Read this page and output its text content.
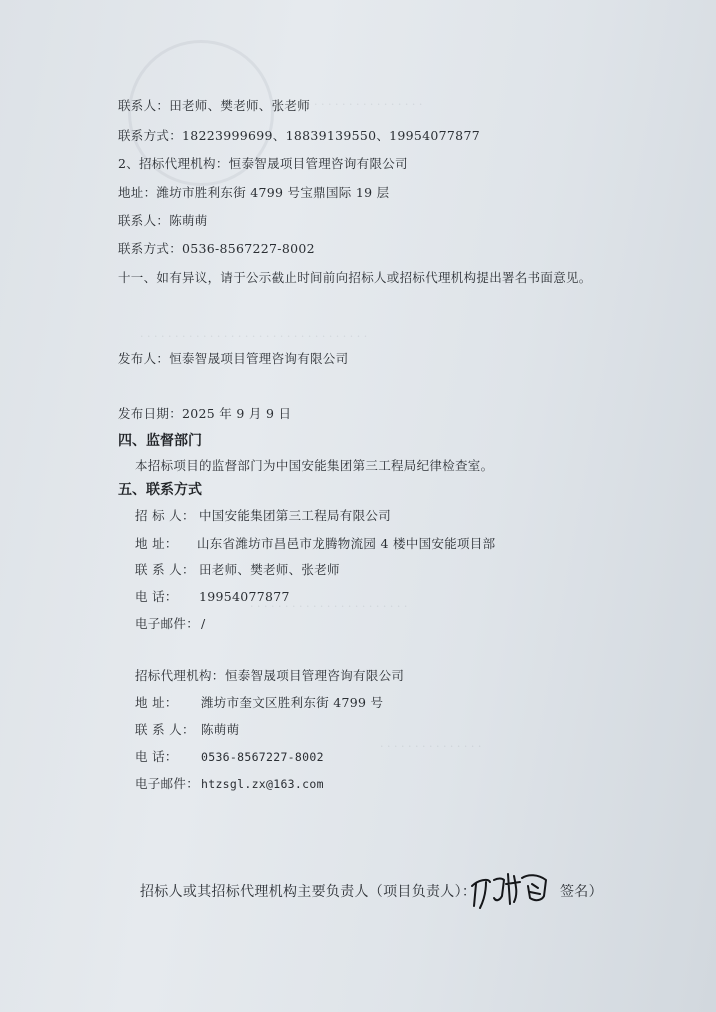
· · · · · · · · · · · · · · · · · ·
· · · · · · · · · · · · · · · · · · · · · · · · · · · · · · · · ·
· · · · · · · · · · · · · · · · · · · · · · ·
· · · · · · · · · · · · · · ·
联系人：田老师、樊老师、张老师
联系方式：18223999699、18839139550、19954077877
2、招标代理机构：恒泰智晟项目管理咨询有限公司
地址：潍坊市胜利东街 4799 号宝鼎国际 19 层
联系人：陈萌萌
联系方式：0536-8567227-8002
十一、如有异议，请于公示截止时间前向招标人或招标代理机构提出署名书面意见。
发布人：恒泰智晟项目管理咨询有限公司
发布日期：2025 年 9 月 9 日
四、监督部门
本招标项目的监督部门为中国安能集团第三工程局纪律检查室。
五、联系方式
招 标 人： 中国安能集团第三工程局有限公司
地 址： 山东省潍坊市昌邑市龙腾物流园 4 楼中国安能项目部
联 系 人： 田老师、樊老师、张老师
电 话： 19954077877
电子邮件： /
招标代理机构：恒泰智晟项目管理咨询有限公司
地 址： 潍坊市奎文区胜利东街 4799 号
联 系 人： 陈萌萌
电 话： 0536-8567227-8002
电子邮件： htzsgl.zx@163.com
招标人或其招标代理机构主要负责人（项目负责人）：	签名）
